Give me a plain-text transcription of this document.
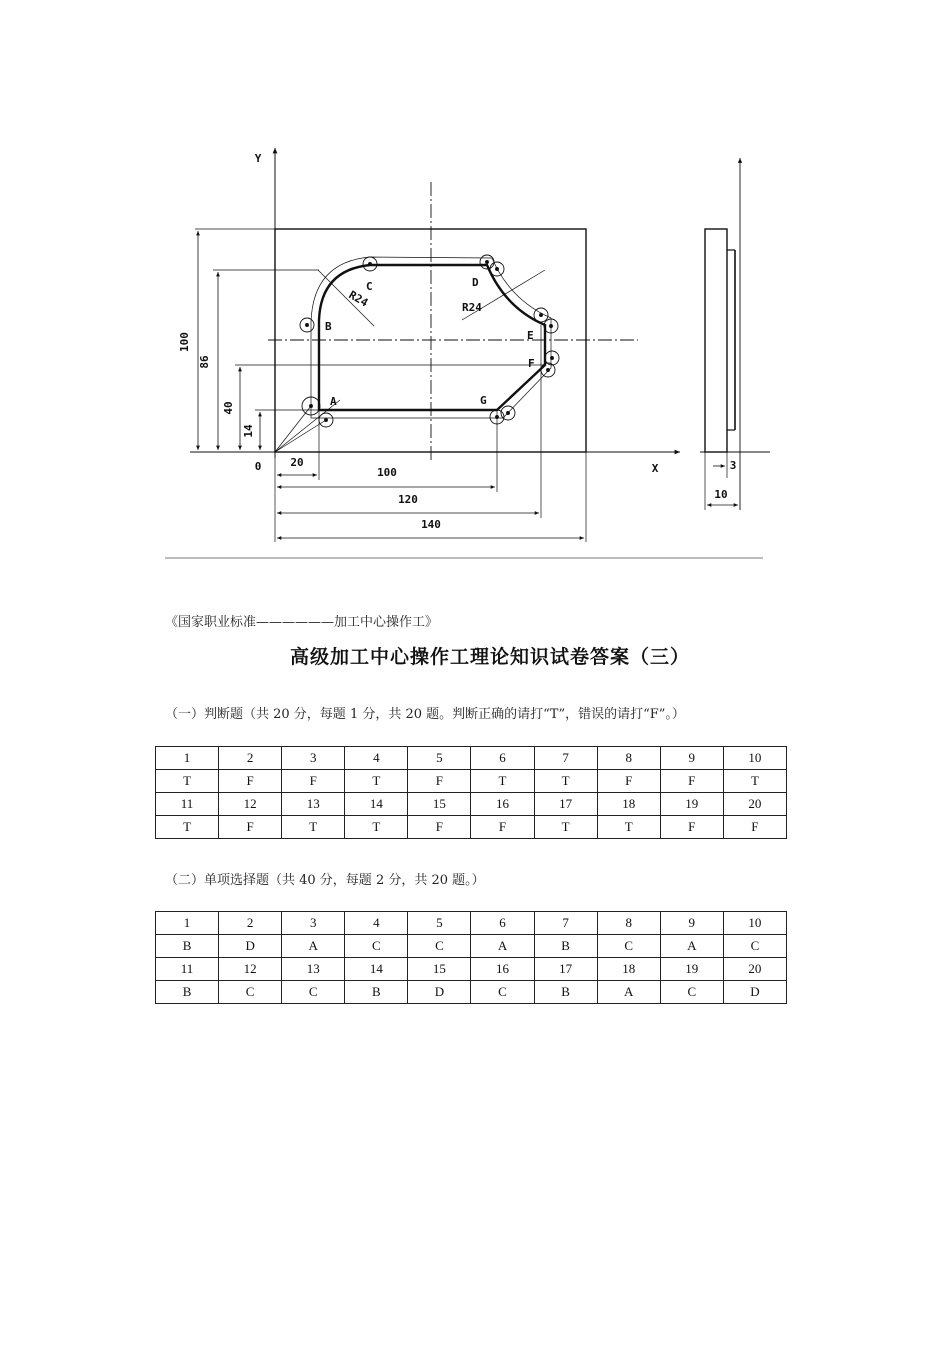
100
86
40
14
20
100
120
140
Y
X
0
A
B
C	D
E
F
G
R24	R24
3
10
《国家职业标准——————加工中心操作工》
高级加工中心操作工理论知识试卷答案（三）
（一）判断题（共 20 分，每题 1 分，共 20 题。判断正确的请打“T”，错误的请打“F”。）
1	2	3	4	5	6	7	8	9	10
T	F	F	T	F	T	T	F	F	T
11	12	13	14	15	16	17	18	19	20
T	F	T	T	F	F	T	T	F	F
（二）单项选择题（共 40 分，每题 2 分，共 20 题。）
1	2	3	4	5	6	7	8	9	10
B	D	A	C	C	A	B	C	A	C
11	12	13	14	15	16	17	18	19	20
B	C	C	B	D	C	B	A	C	D
